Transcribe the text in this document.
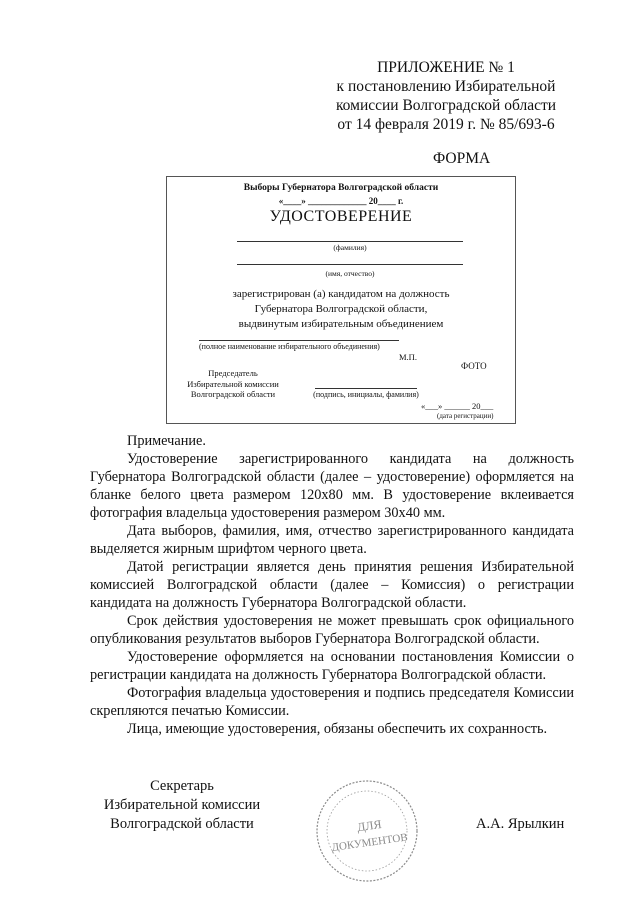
ПРИЛОЖЕНИЕ № 1
к постановлению Избирательной
комиссии Волгоградской области
от 14 февраля 2019 г. № 85/693-6
ФОРМА
Выборы Губернатора Волгоградской области
«____» _____________ 20____ г.
УДОСТОВЕРЕНИЕ
(фамилия)
(имя, отчество)
зарегистрирован (а) кандидатом на должность
Губернатора Волгоградской области,
выдвинутым избирательным объединением
(полное наименование избирательного объединения)
М.П.
ФОТО
Председатель
Избирательной комиссии
Волгоградской области	(подпись, инициалы, фамилия)
«___» ______ 20___
(дата регистрации)
Примечание.

Удостоверение зарегистрированного кандидата на должность Губернатора Волгоградской области (далее – удостоверение) оформляется на бланке белого цвета размером 120х80 мм. В удостоверение вклеивается фотография владельца удостоверения размером 30х40 мм.

Дата выборов, фамилия, имя, отчество зарегистрированного кандидата выделяется жирным шрифтом черного цвета.

Датой регистрации является день принятия решения Избирательной комиссией Волгоградской области (далее – Комиссия) о регистрации кандидата на должность Губернатора Волгоградской области.

Срок действия удостоверения не может превышать срок официального опубликования результатов выборов Губернатора Волгоградской области.

Удостоверение оформляется на основании постановления Комиссии о регистрации кандидата на должность Губернатора Волгоградской области.

Фотография владельца удостоверения и подпись председателя Комиссии скрепляются печатью Комиссии.

Лица, имеющие удостоверения, обязаны обеспечить их сохранность.

Секретарь
Избирательной комиссии
Волгоградской области	А.А. Ярылкин
ДЛЯ
ДОКУМЕНТОВ
